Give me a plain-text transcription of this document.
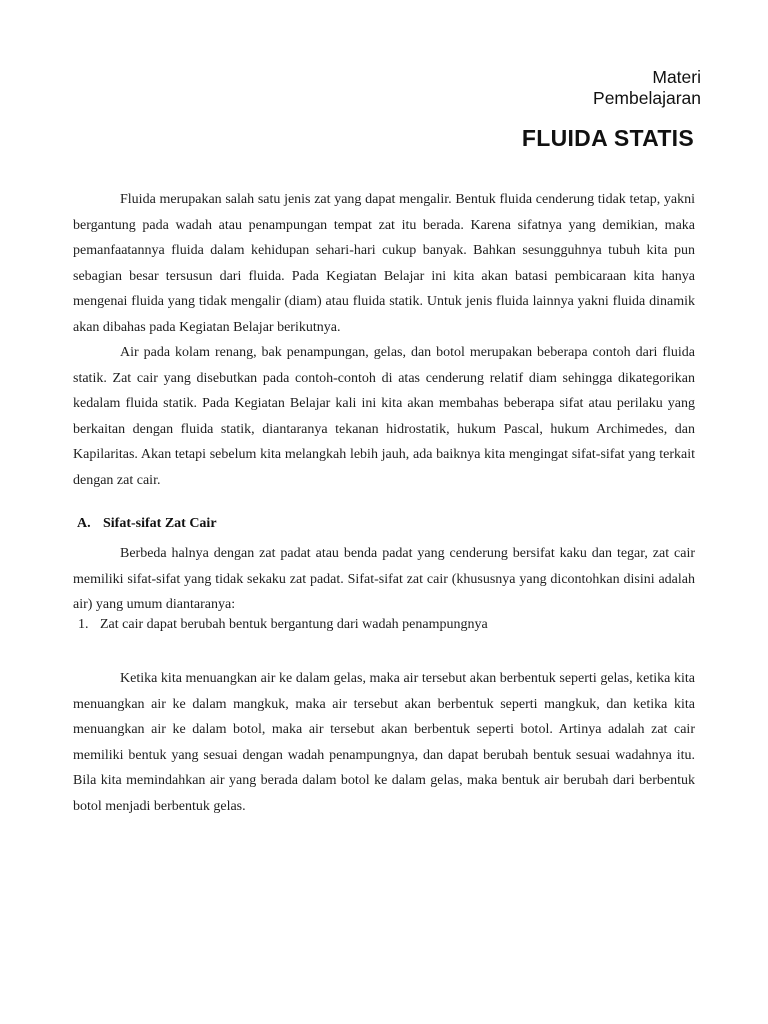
Materi
Pembelajaran
FLUIDA STATIS

Fluida merupakan salah satu jenis zat yang dapat mengalir. Bentuk fluida cenderung tidak tetap, yakni bergantung pada wadah atau penampungan tempat zat itu berada. Karena sifatnya yang demikian, maka pemanfaatannya fluida dalam kehidupan sehari-hari cukup banyak. Bahkan sesungguhnya tubuh kita pun sebagian besar tersusun dari fluida. Pada Kegiatan Belajar ini kita akan batasi pembicaraan kita hanya mengenai fluida yang tidak mengalir (diam) atau fluida statik. Untuk jenis fluida lainnya yakni fluida dinamik akan dibahas pada Kegiatan Belajar berikutnya.

Air pada kolam renang, bak penampungan, gelas, dan botol merupakan beberapa contoh dari fluida statik. Zat cair yang disebutkan pada contoh-contoh di atas cenderung relatif diam sehingga dikategorikan kedalam fluida statik. Pada Kegiatan Belajar kali ini kita akan membahas beberapa sifat atau perilaku yang berkaitan dengan fluida statik, diantaranya tekanan hidrostatik, hukum Pascal, hukum Archimedes, dan Kapilaritas. Akan tetapi sebelum kita melangkah lebih jauh, ada baiknya kita mengingat sifat-sifat yang terkait dengan zat cair.

A. Sifat-sifat Zat Cair

Berbeda halnya dengan zat padat atau benda padat yang cenderung bersifat kaku dan tegar, zat cair memiliki sifat-sifat yang tidak sekaku zat padat. Sifat-sifat zat cair (khususnya yang dicontohkan disini adalah air) yang umum diantaranya:

1. Zat cair dapat berubah bentuk bergantung dari wadah penampungnya

Ketika kita menuangkan air ke dalam gelas, maka air tersebut akan berbentuk seperti gelas, ketika kita menuangkan air ke dalam mangkuk, maka air tersebut akan berbentuk seperti mangkuk, dan ketika kita menuangkan air ke dalam botol, maka air tersebut akan berbentuk seperti botol. Artinya adalah zat cair memiliki bentuk yang sesuai dengan wadah penampungnya, dan dapat berubah bentuk sesuai wadahnya itu. Bila kita memindahkan air yang berada dalam botol ke dalam gelas, maka bentuk air berubah dari berbentuk botol menjadi berbentuk gelas.
